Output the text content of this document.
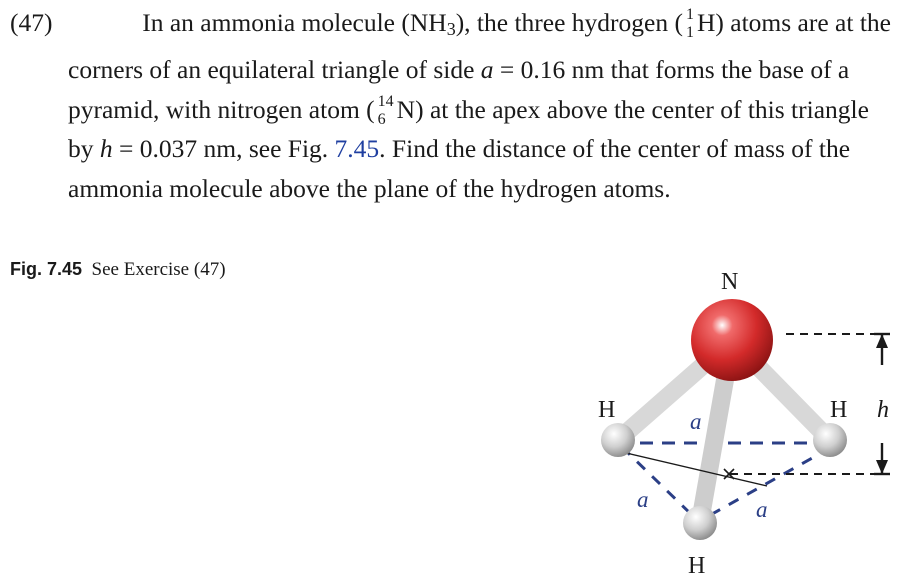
(47)	In an ammonia molecule (NH3), the three hydrogen ( 1
1 H) atoms are at the
corners of an equilateral triangle of side a = 0.16 nm that forms the base of a
pyramid, with nitrogen atom ( 14
6 N) at the apex above the center of this triangle
by h = 0.037 nm, see Fig. 7.45. Find the distance of the center of mass of the
ammonia molecule above the plane of the hydrogen atoms.
Fig. 7.45 See Exercise (47)	N
H	H
H
a
a	a
h
